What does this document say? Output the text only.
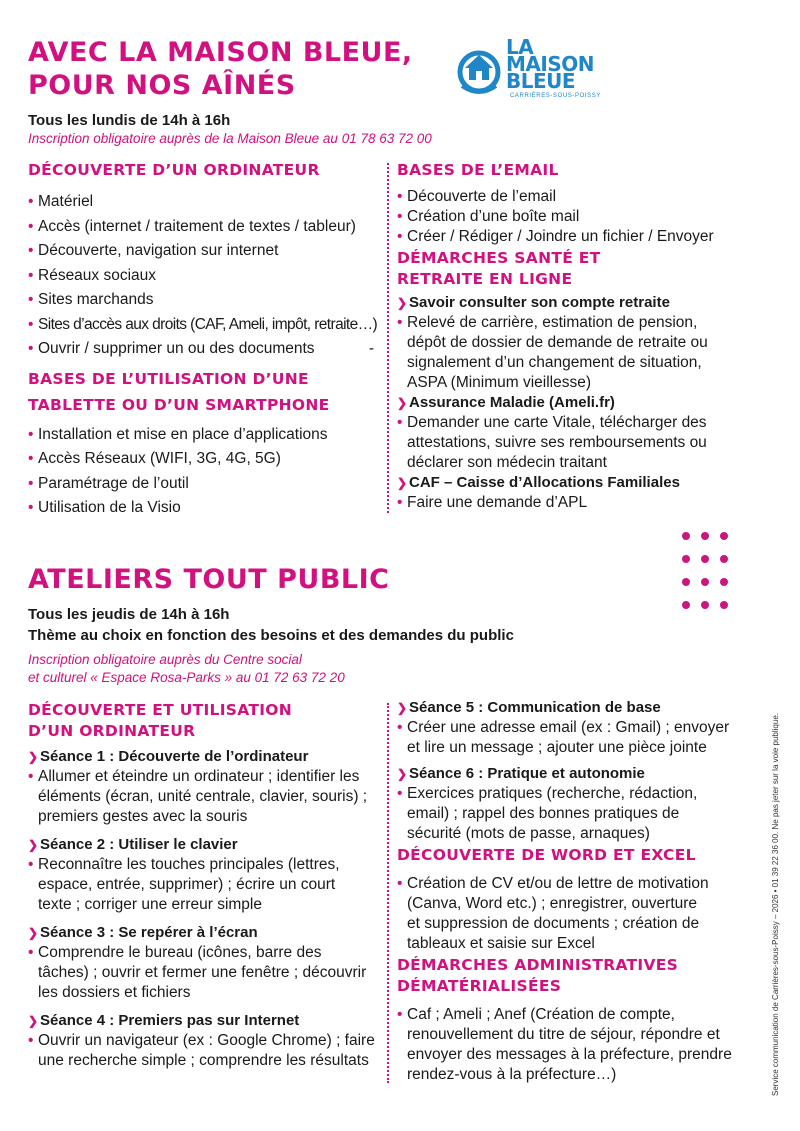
AVEC LA MAISON BLEUE,
POUR NOS AÎNÉS
LA
MAISON
BLEUE
CARRIÈRES-SOUS-POISSY
Tous les lundis de 14h à 16h
Inscription obligatoire auprès de la Maison Bleue au 01 78 63 72 00
DÉCOUVERTE D’UN ORDINATEUR
• Matériel
• Accès (internet / traitement de textes / tableur)
• Découverte, navigation sur internet
• Réseaux sociaux
• Sites marchands
• Sites d’accès aux droits (CAF, Ameli, impôt, retraite…)
• Ouvrir / supprimer un ou des documents	-
BASES DE L’UTILISATION D’UNE
TABLETTE OU D’UN SMARTPHONE
• Installation et mise en place d’applications
• Accès Réseaux (WIFI, 3G, 4G, 5G)
• Paramétrage de l’outil
• Utilisation de la Visio
BASES DE L’EMAIL
• Découverte de l’email
• Création d’une boîte mail
• Créer / Rédiger / Joindre un fichier / Envoyer
DÉMARCHES SANTÉ ET
RETRAITE EN LIGNE
❯ Savoir consulter son compte retraite
• Relevé de carrière, estimation de pension,
dépôt de dossier de demande de retraite ou
signalement d’un changement de situation,
ASPA (Minimum vieillesse)
❯ Assurance Maladie (Ameli.fr)
• Demander une carte Vitale, télécharger des
attestations, suivre ses remboursements ou
déclarer son médecin traitant
❯ CAF – Caisse d’Allocations Familiales
• Faire une demande d’APL
ATELIERS TOUT PUBLIC
Tous les jeudis de 14h à 16h
Thème au choix en fonction des besoins et des demandes du public
Inscription obligatoire auprès du Centre social
et culturel « Espace Rosa-Parks » au 01 72 63 72 20
DÉCOUVERTE ET UTILISATION
D’UN ORDINATEUR
❯ Séance 1 : Découverte de l’ordinateur
• Allumer et éteindre un ordinateur ; identifier les
éléments (écran, unité centrale, clavier, souris) ;
premiers gestes avec la souris
❯ Séance 2 : Utiliser le clavier
• Reconnaître les touches principales (lettres,
espace, entrée, supprimer) ; écrire un court
texte ; corriger une erreur simple
❯ Séance 3 : Se repérer à l’écran
• Comprendre le bureau (icônes, barre des
tâches) ; ouvrir et fermer une fenêtre ; découvrir
les dossiers et fichiers
❯ Séance 4 : Premiers pas sur Internet
• Ouvrir un navigateur (ex : Google Chrome) ; faire
une recherche simple ; comprendre les résultats
❯ Séance 5 : Communication de base
• Créer une adresse email (ex : Gmail) ; envoyer
et lire un message ; ajouter une pièce jointe
❯ Séance 6 : Pratique et autonomie
• Exercices pratiques (recherche, rédaction,
email) ; rappel des bonnes pratiques de
sécurité (mots de passe, arnaques)
DÉCOUVERTE DE WORD ET EXCEL
• Création de CV et/ou de lettre de motivation
(Canva, Word etc.) ; enregistrer, ouverture
et suppression de documents ; création de
tableaux et saisie sur Excel
DÉMARCHES ADMINISTRATIVES
DÉMATÉRIALISÉES
• Caf ; Ameli ; Anef (Création de compte,
renouvellement du titre de séjour, répondre et
envoyer des messages à la préfecture, prendre
rendez-vous à la préfecture…)	Service communication de Carrières-sous-Poissy – 2026 • 01 39 22 36 00. Ne pas jeter sur la voie publique.
